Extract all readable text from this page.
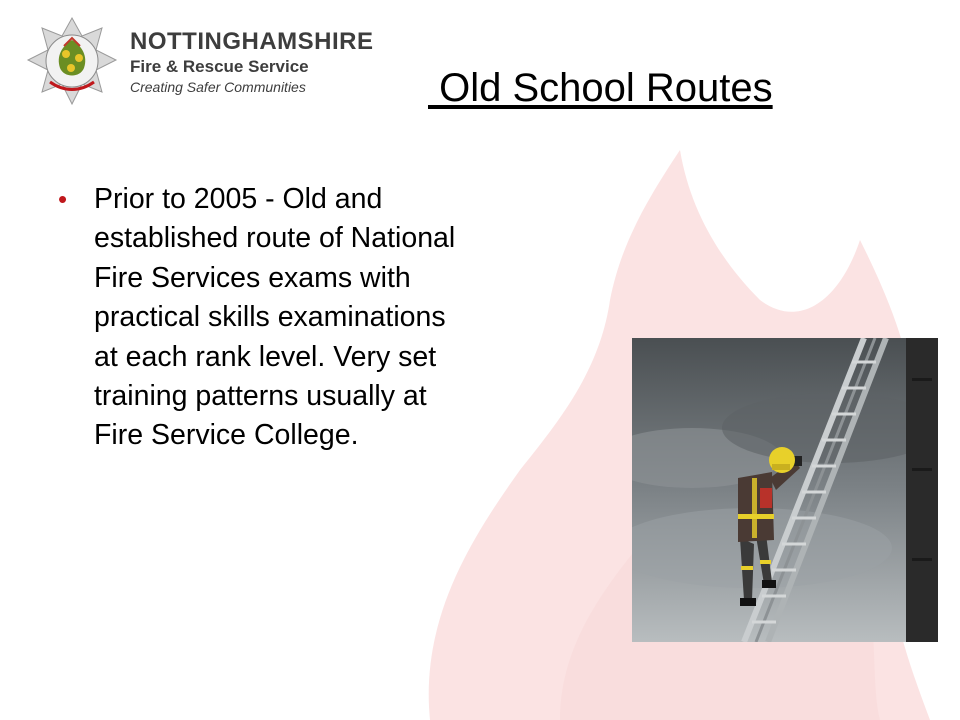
NOTTINGHAMSHIRE
Fire & Rescue Service
Creating Safer Communities	Old School Routes
• Prior to 2005 - Old and established route of National Fire Services exams with practical skills examinations at each rank level. Very set training patterns usually at Fire Service College.
